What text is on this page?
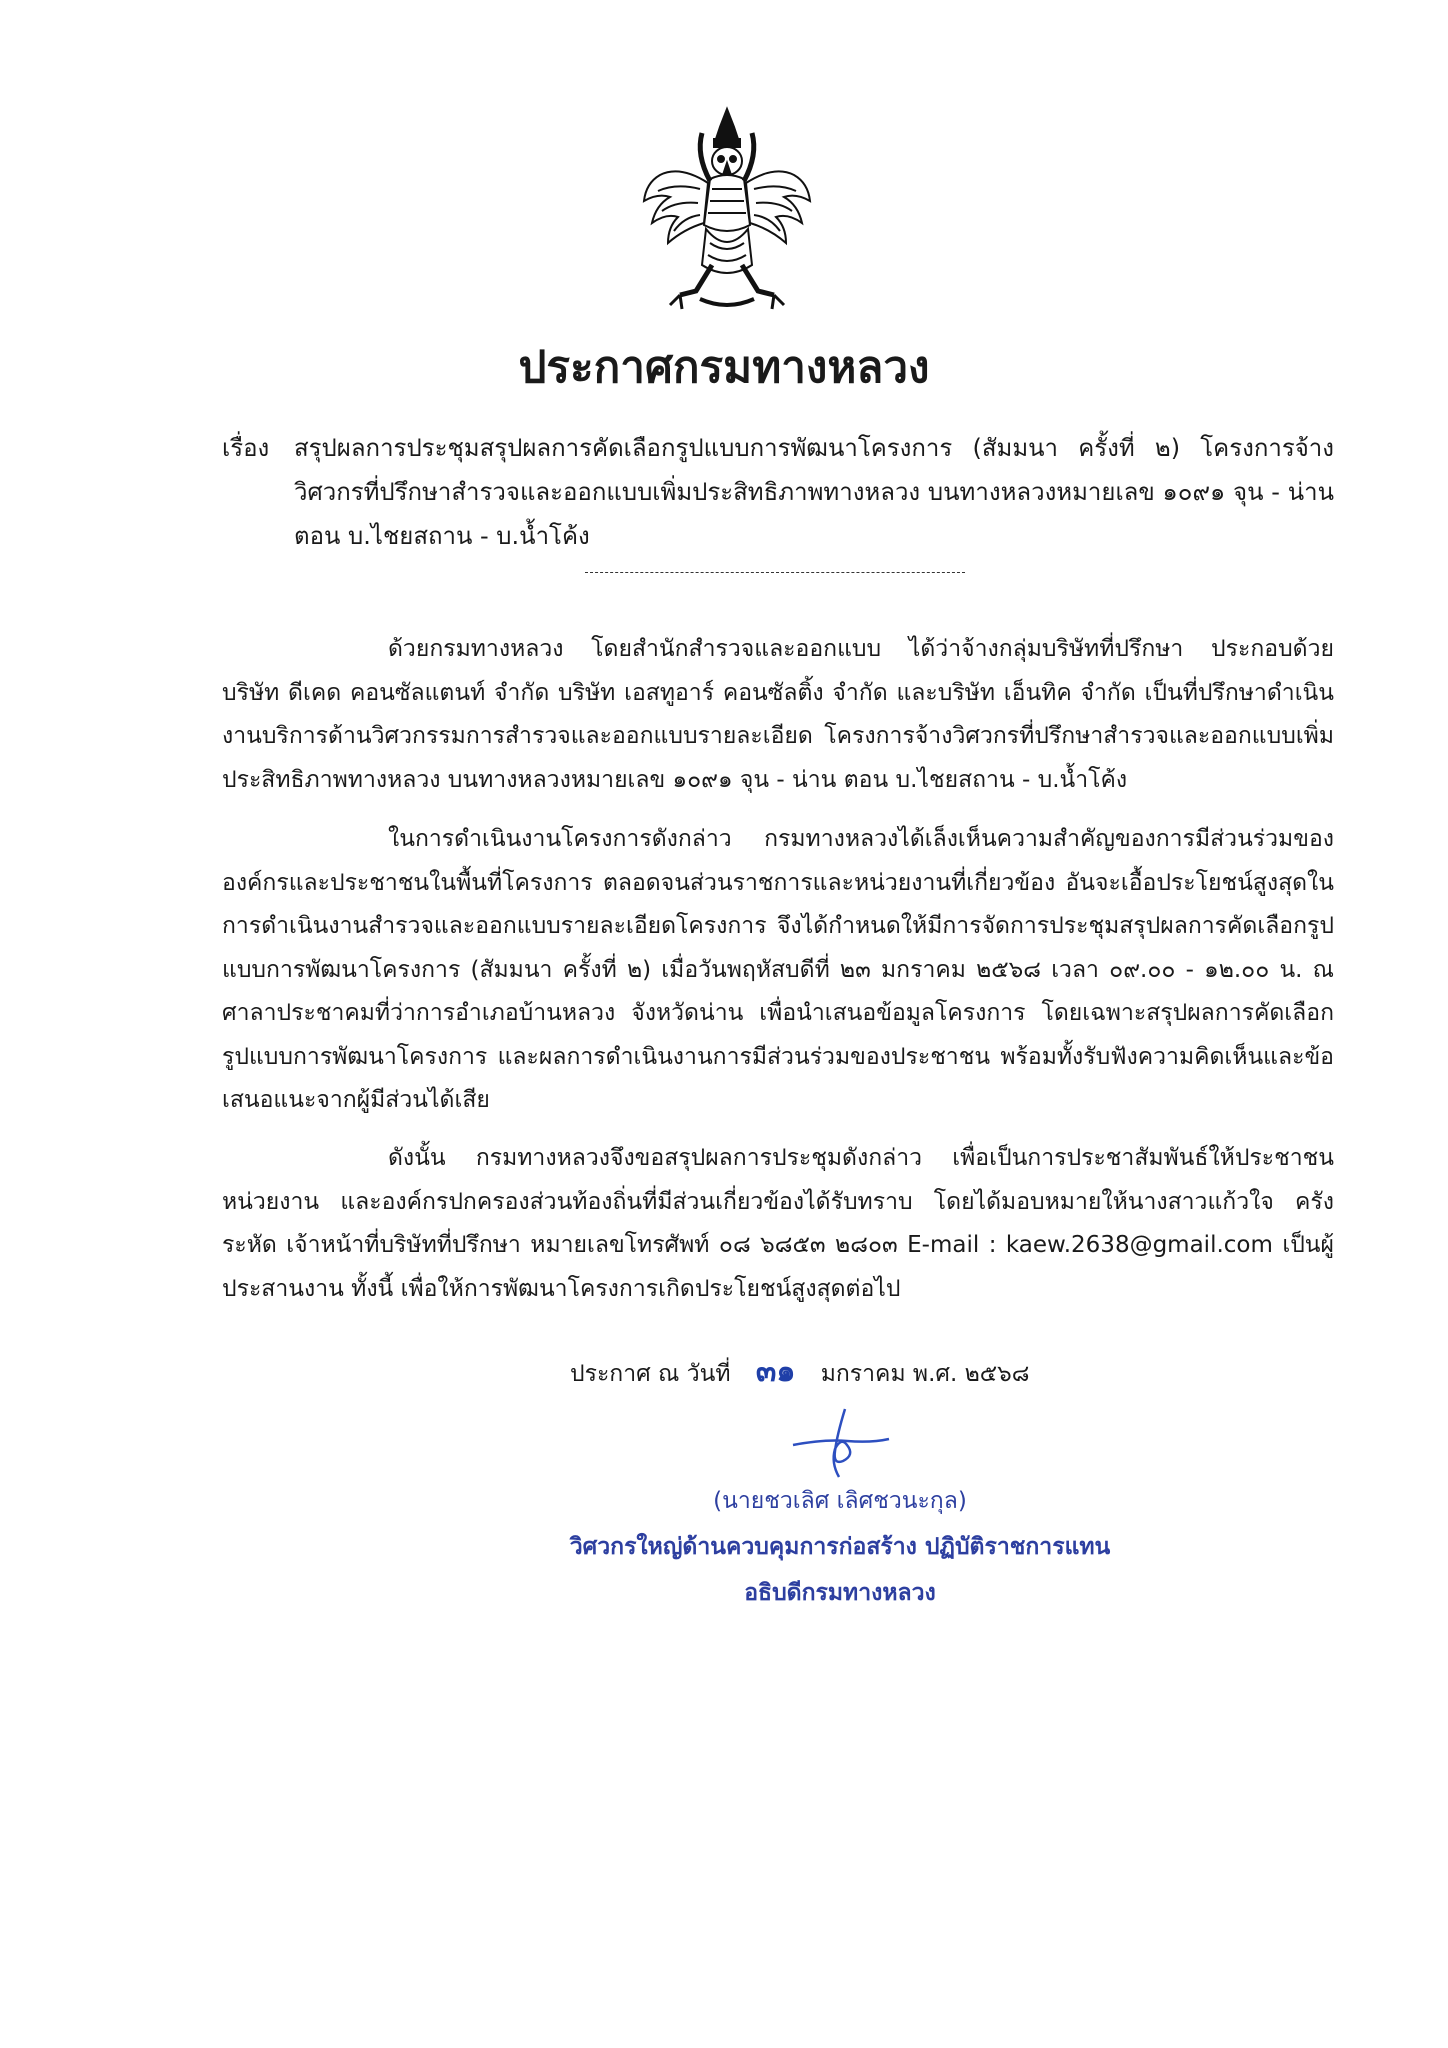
ประกาศกรมทางหลวง
เรื่อง สรุปผลการประชุมสรุปผลการคัดเลือกรูปแบบการพัฒนาโครงการ (สัมมนา ครั้งที่ ๒) โครงการจ้างวิศวกรที่ปรึกษาสำรวจและออกแบบเพิ่มประสิทธิภาพทางหลวง บนทางหลวงหมายเลข ๑๐๙๑ จุน - น่าน ตอน บ.ไชยสถาน - บ.น้ำโค้ง
ด้วยกรมทางหลวง โดยสำนักสำรวจและออกแบบ ได้ว่าจ้างกลุ่มบริษัทที่ปรึกษา ประกอบด้วย บริษัท ดีเคด คอนซัลแตนท์ จำกัด บริษัท เอสทูอาร์ คอนซัลติ้ง จำกัด และบริษัท เอ็นทิค จำกัด เป็นที่ปรึกษาดำเนินงานบริการด้านวิศวกรรมการสำรวจและออกแบบรายละเอียด โครงการจ้างวิศวกรที่ปรึกษาสำรวจและออกแบบเพิ่มประสิทธิภาพทางหลวง บนทางหลวงหมายเลข ๑๐๙๑ จุน - น่าน ตอน บ.ไชยสถาน - บ.น้ำโค้ง
ในการดำเนินงานโครงการดังกล่าว กรมทางหลวงได้เล็งเห็นความสำคัญของการมีส่วนร่วมขององค์กรและประชาชนในพื้นที่โครงการ ตลอดจนส่วนราชการและหน่วยงานที่เกี่ยวข้อง อันจะเอื้อประโยชน์สูงสุดในการดำเนินงานสำรวจและออกแบบรายละเอียดโครงการ จึงได้กำหนดให้มีการจัดการประชุมสรุปผลการคัดเลือกรูปแบบการพัฒนาโครงการ (สัมมนา ครั้งที่ ๒) เมื่อวันพฤหัสบดีที่ ๒๓ มกราคม ๒๕๖๘ เวลา ๐๙.๐๐ - ๑๒.๐๐ น. ณ ศาลาประชาคมที่ว่าการอำเภอบ้านหลวง จังหวัดน่าน เพื่อนำเสนอข้อมูลโครงการ โดยเฉพาะสรุปผลการคัดเลือกรูปแบบการพัฒนาโครงการ และผลการดำเนินงานการมีส่วนร่วมของประชาชน พร้อมทั้งรับฟังความคิดเห็นและข้อเสนอแนะจากผู้มีส่วนได้เสีย
ดังนั้น กรมทางหลวงจึงขอสรุปผลการประชุมดังกล่าว เพื่อเป็นการประชาสัมพันธ์ให้ประชาชน หน่วยงาน และองค์กรปกครองส่วนท้องถิ่นที่มีส่วนเกี่ยวข้องได้รับทราบ โดยได้มอบหมายให้นางสาวแก้วใจ ครังระหัด เจ้าหน้าที่บริษัทที่ปรึกษา หมายเลขโทรศัพท์ ๐๘ ๖๘๕๓ ๒๘๐๓ E-mail : kaew.2638@gmail.com เป็นผู้ประสานงาน ทั้งนี้ เพื่อให้การพัฒนาโครงการเกิดประโยชน์สูงสุดต่อไป
ประกาศ ณ วันที่ ๓๑ มกราคม พ.ศ. ๒๕๖๘
(นายชวเลิศ เลิศชวนะกุล)
วิศวกรใหญ่ด้านควบคุมการก่อสร้าง ปฏิบัติราชการแทน
อธิบดีกรมทางหลวง
